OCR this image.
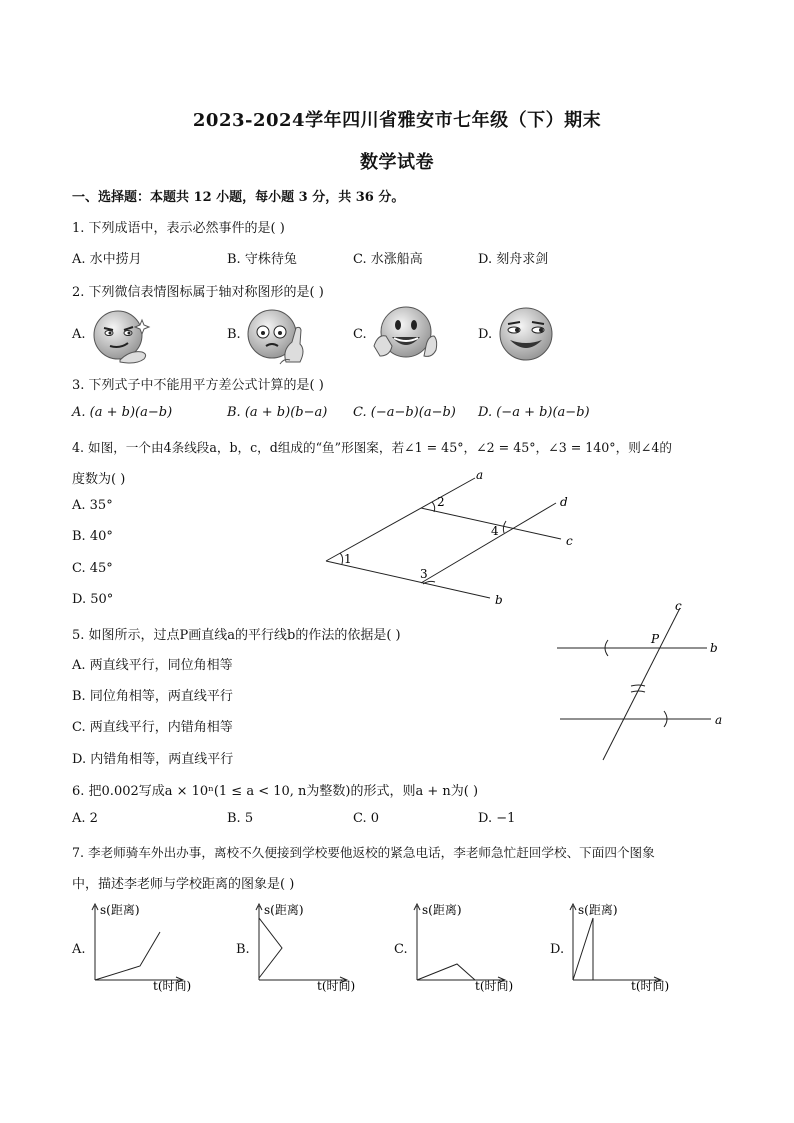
2023-2024学年四川省雅安市七年级（下）期末
数学试卷
一、选择题：本题共 12 小题，每小题 3 分，共 36 分。
1. 下列成语中，表示必然事件的是( )
A. 水中捞月	B. 守株待兔	C. 水涨船高	D. 刻舟求剑
2. 下列微信表情图标属于轴对称图形的是( )
A.	B.	C.	D.
3. 下列式子中不能用平方差公式计算的是( )
A. (a + b)(a−b)	B. (a + b)(b−a) C. (−a−b)(a−b) D. (−a + b)(a−b)
4. 如图，一个由4条线段a，b，c，d组成的“鱼”形图案，若∠1 = 45°，∠2 = 45°，∠3 = 140°，则∠4的
度数为( )
A. 35°
B. 40°
C. 45°
D. 50°
a
b
c
d
1
2
3
4
c
P
b
a
5. 如图所示，过点P画直线a的平行线b的作法的依据是( )
A. 两直线平行，同位角相等
B. 同位角相等，两直线平行
C. 两直线平行，内错角相等
D. 内错角相等，两直线平行
6. 把0.002写成a × 10ⁿ(1 ≤ a < 10, n为整数)的形式，则a + n为( )
A. 2	B. 5	C. 0	D. −1
7. 李老师骑车外出办事，离校不久便接到学校要他返校的紧急电话，李老师急忙赶回学校、下面四个图象
中，描述李老师与学校距离的图象是( )
A.	B.	C.	D.
s(距离)
t(时间)
s(距离)
t(时间)
s(距离)
t(时间)
s(距离)
t(时间)
